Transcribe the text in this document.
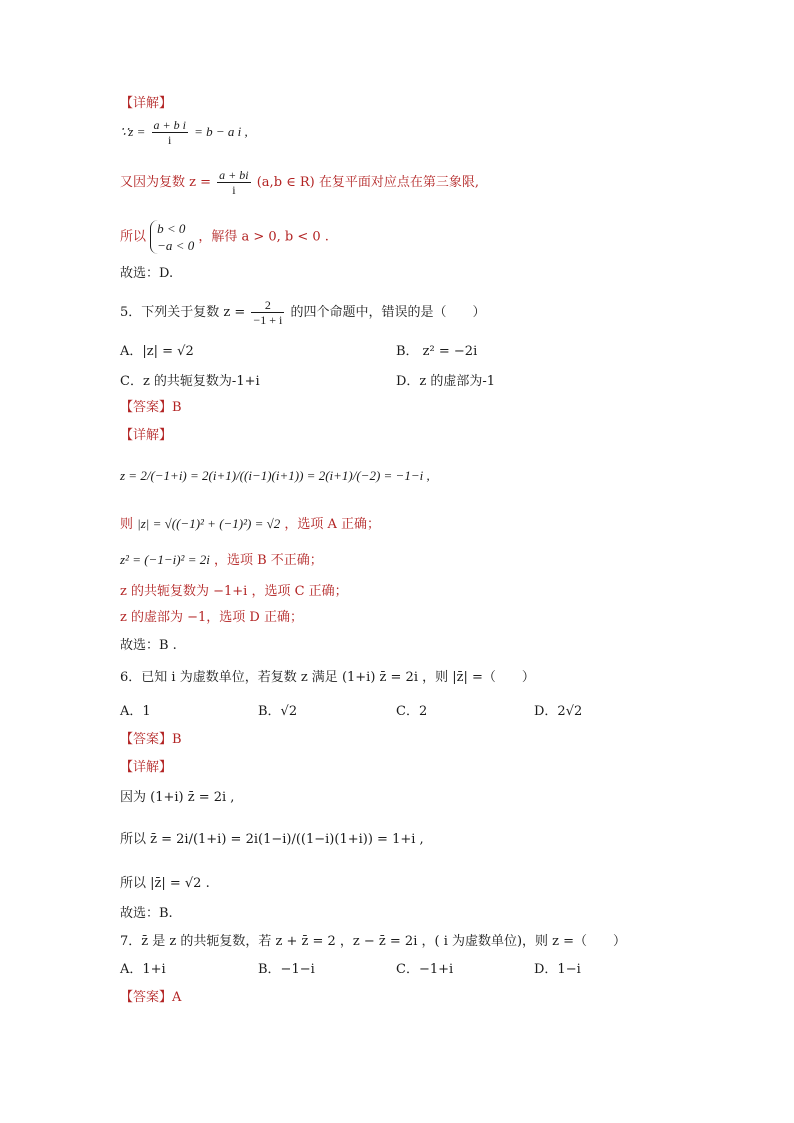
【详解】
∵z = $\frac{\text{a + b i}}{i} = b - a$ i ,
又因为复数 $z = \frac{a + bi}{i} (a,b$ ∈ R) 在复平面对应点在第三象限,
所以
b < 0
−a < 0
，解得 a > 0, b < 0 .
故选：D.
5．下列关于复数 $z = \frac{2}{-1 + i}$ 的四个命题中，错误的是（　　）
A．|z| = √2	B． z² = −2i
C．z 的共轭复数为-1+i	D．z 的虚部为-1
【答案】B
【详解】
z = 2/(−1+i) = 2(i+1)/((i−1)(i+1)) = 2(i+1)/(−2) = −1−i ,
则 |z| = √((−1)² + (−1)²) = √2 ，选项 A 正确；
z² = (−1−i)² = 2i ，选项 B 不正确；
z 的共轭复数为 −1+i ，选项 C 正确；
z 的虚部为 −1，选项 D 正确；
故选：B .
6．已知 i 为虚数单位，若复数 z 满足 (1+i) z̄ = 2i ，则 |z̄| =（　　）
A．1	B．√2	C．2	D．2√2
【答案】B
【详解】
因为 (1+i) z̄ = 2i ,
所以 z̄ = 2i/(1+i) = 2i(1−i)/((1−i)(1+i)) = 1+i ,
所以 |z̄| = √2 .
故选：B.
7．z̄ 是 z 的共轭复数，若 z + z̄ = 2 ，z − z̄ = 2i ，( i 为虚数单位)，则 z =（　　）
A．1+i	B．−1−i	C．−1+i	D．1−i
【答案】A
